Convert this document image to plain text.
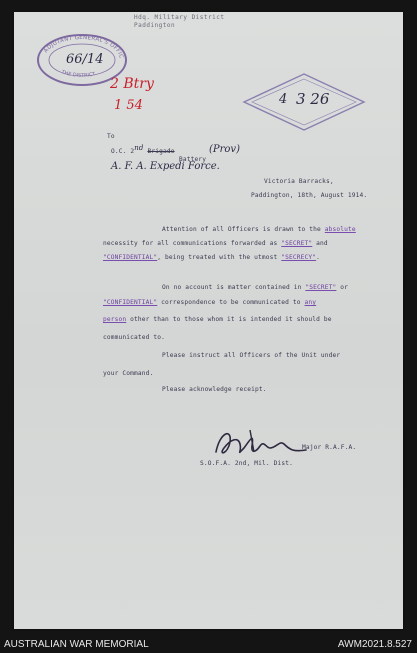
Hdq. Military District
Paddington
ADJUTANT GENERAL'S OFFIC
THE DISTRICT
66/14
4 3 26
2 Btry
1 54
To
O.C. 2nd Brigade	(Prov)
Battery
A. F. A. Expedi Force.
Victoria Barracks,
Paddington, 18th, August 1914.
Attention of all Officers is drawn to the absolute
necessity for all communications forwarded as "SECRET" and
"CONFIDENTIAL", being treated with the utmost "SECRECY".
On no account is matter contained in "SECRET" or
"CONFIDENTIAL" correspondence to be communicated to any
person other than to those whom it is intended it should be
communicated to.
Please instruct all Officers of the Unit under
your Command.
Please acknowledge receipt.
Major R.A.F.A.
S.O.F.A. 2nd, Mil. Dist.
AUSTRALIAN WAR MEMORIAL	AWM2021.8.527
